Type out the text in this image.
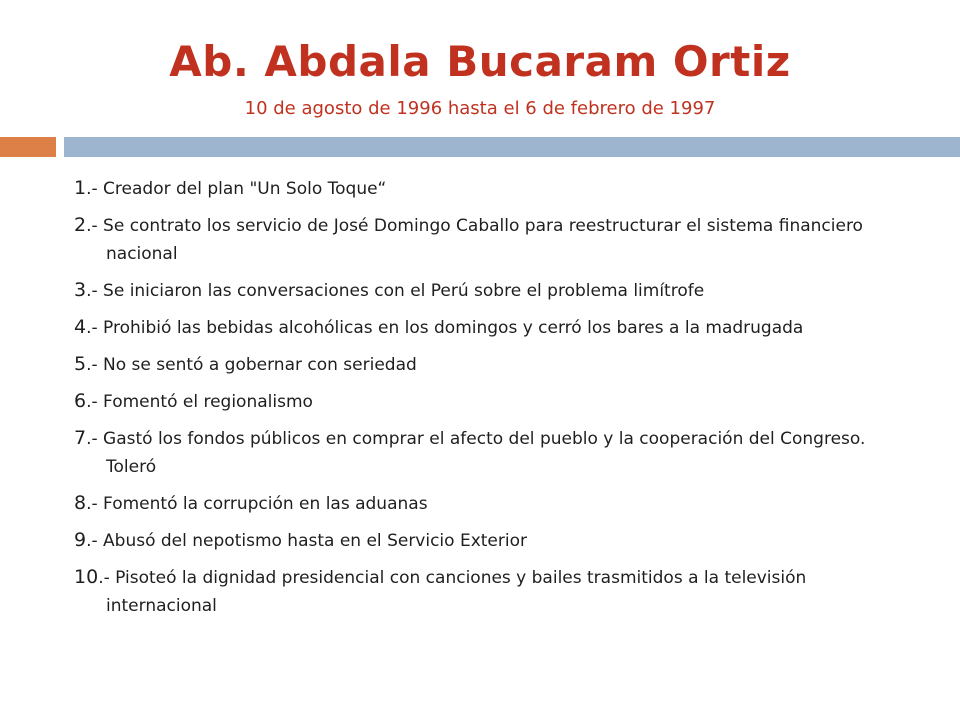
Ab. Abdala Bucaram Ortiz
10 de agosto de 1996 hasta el 6 de febrero de 1997
1.- Creador del plan "Un Solo Toque“
2.- Se contrato los servicio de José Domingo Caballo para reestructurar el sistema financiero nacional
3.- Se iniciaron las conversaciones con el Perú sobre el problema limítrofe
4.- Prohibió las bebidas alcohólicas en los domingos y cerró los bares a la madrugada
5.- No se sentó a gobernar con seriedad
6.- Fomentó el regionalismo
7.- Gastó los fondos públicos en comprar el afecto del pueblo y la cooperación del Congreso. Toleró
8.- Fomentó la corrupción en las aduanas
9.- Abusó del nepotismo hasta en el Servicio Exterior
10.- Pisoteó la dignidad presidencial con canciones y bailes trasmitidos a la televisión internacional
